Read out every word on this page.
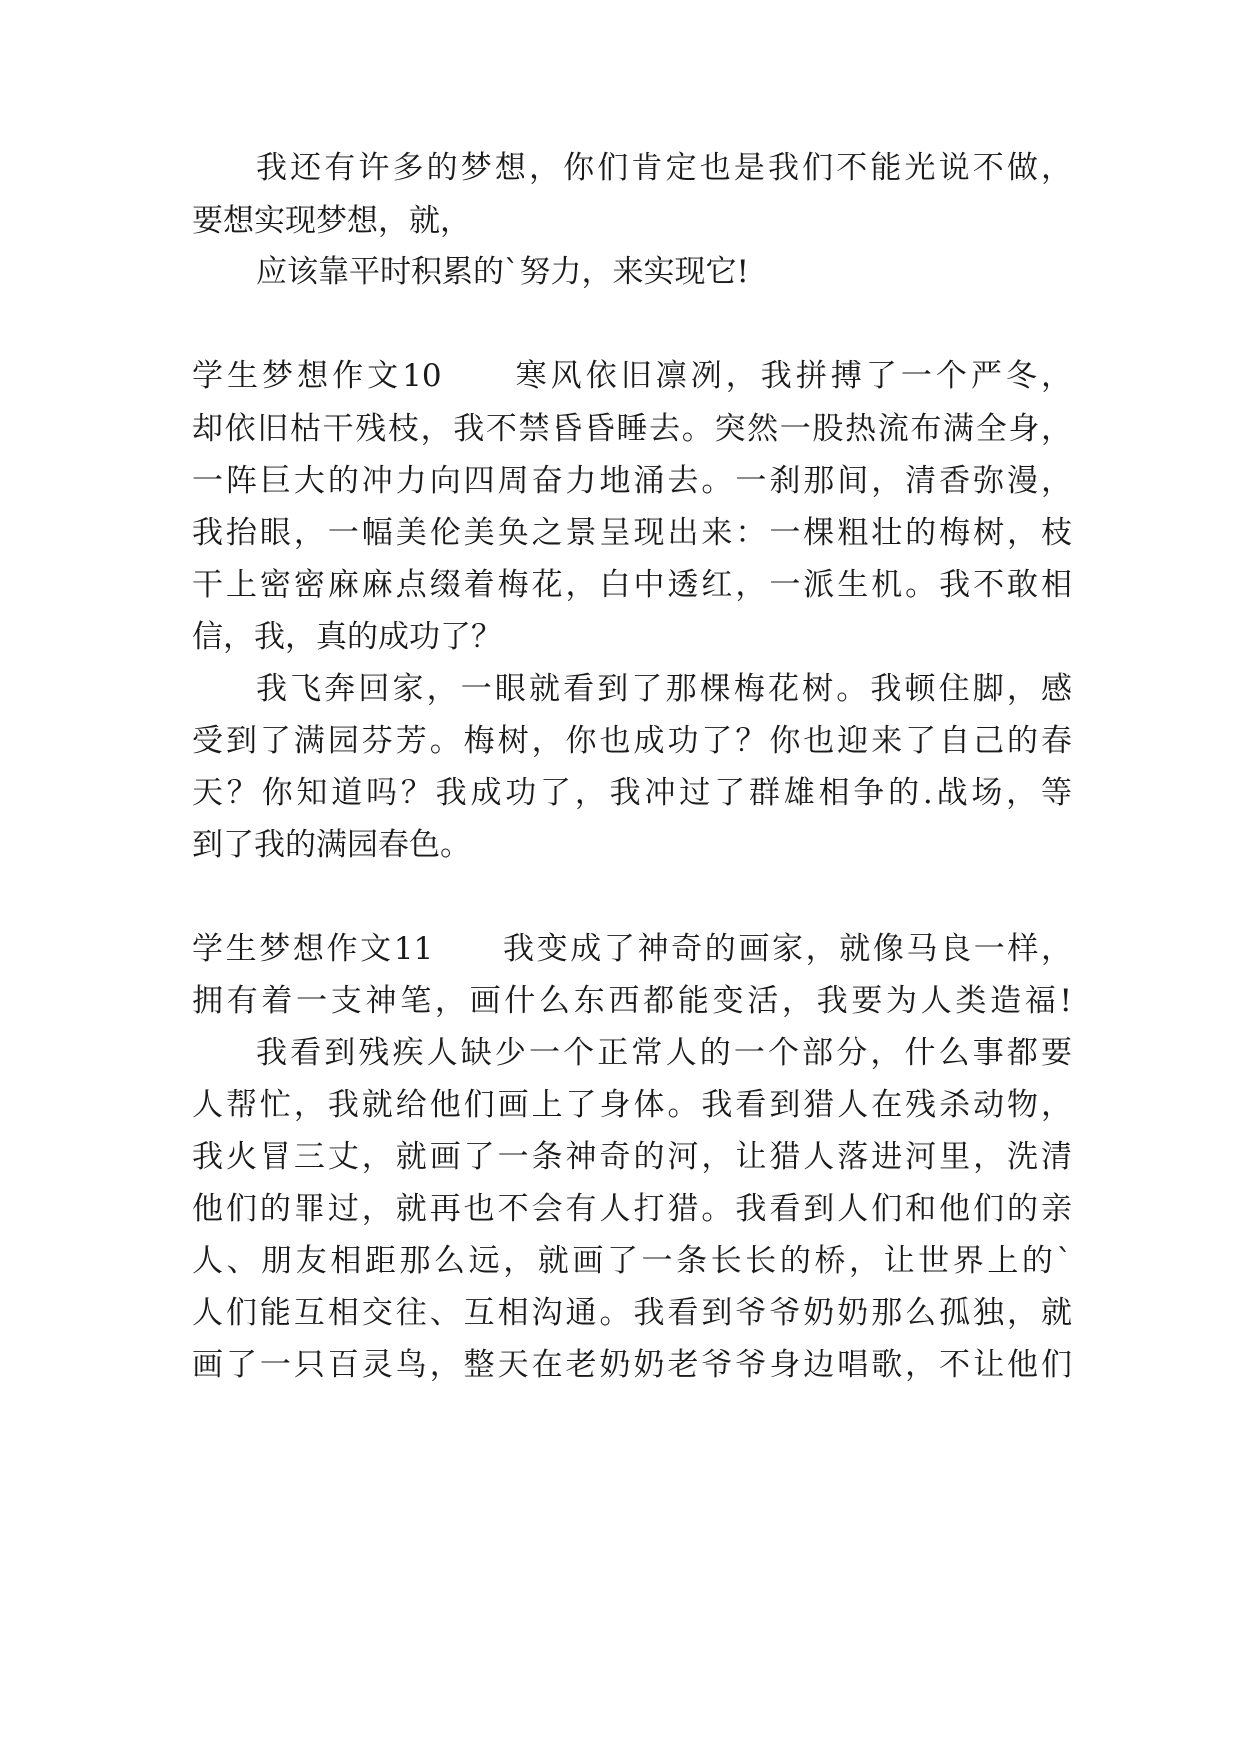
我还有许多的梦想，你们肯定也是我们不能光说不做，
要想实现梦想，就，
应该靠平时积累的`努力，来实现它!
学生梦想作文10　　寒风依旧凛冽，我拼搏了一个严冬，
却依旧枯干残枝，我不禁昏昏睡去。突然一股热流布满全身，
一阵巨大的冲力向四周奋力地涌去。一刹那间，清香弥漫，
我抬眼，一幅美伦美奂之景呈现出来：一棵粗壮的梅树，枝
干上密密麻麻点缀着梅花，白中透红，一派生机。我不敢相
信，我，真的成功了？
我飞奔回家，一眼就看到了那棵梅花树。我顿住脚，感
受到了满园芬芳。梅树，你也成功了？你也迎来了自己的春
天？你知道吗？我成功了，我冲过了群雄相争的.战场，等
到了我的满园春色。
学生梦想作文11　　我变成了神奇的画家，就像马良一样，
拥有着一支神笔，画什么东西都能变活，我要为人类造福!
我看到残疾人缺少一个正常人的一个部分，什么事都要
人帮忙，我就给他们画上了身体。我看到猎人在残杀动物，
我火冒三丈，就画了一条神奇的河，让猎人落进河里，洗清
他们的罪过，就再也不会有人打猎。我看到人们和他们的亲
人、朋友相距那么远，就画了一条长长的桥，让世界上的`
人们能互相交往、互相沟通。我看到爷爷奶奶那么孤独，就
画了一只百灵鸟，整天在老奶奶老爷爷身边唱歌，不让他们
